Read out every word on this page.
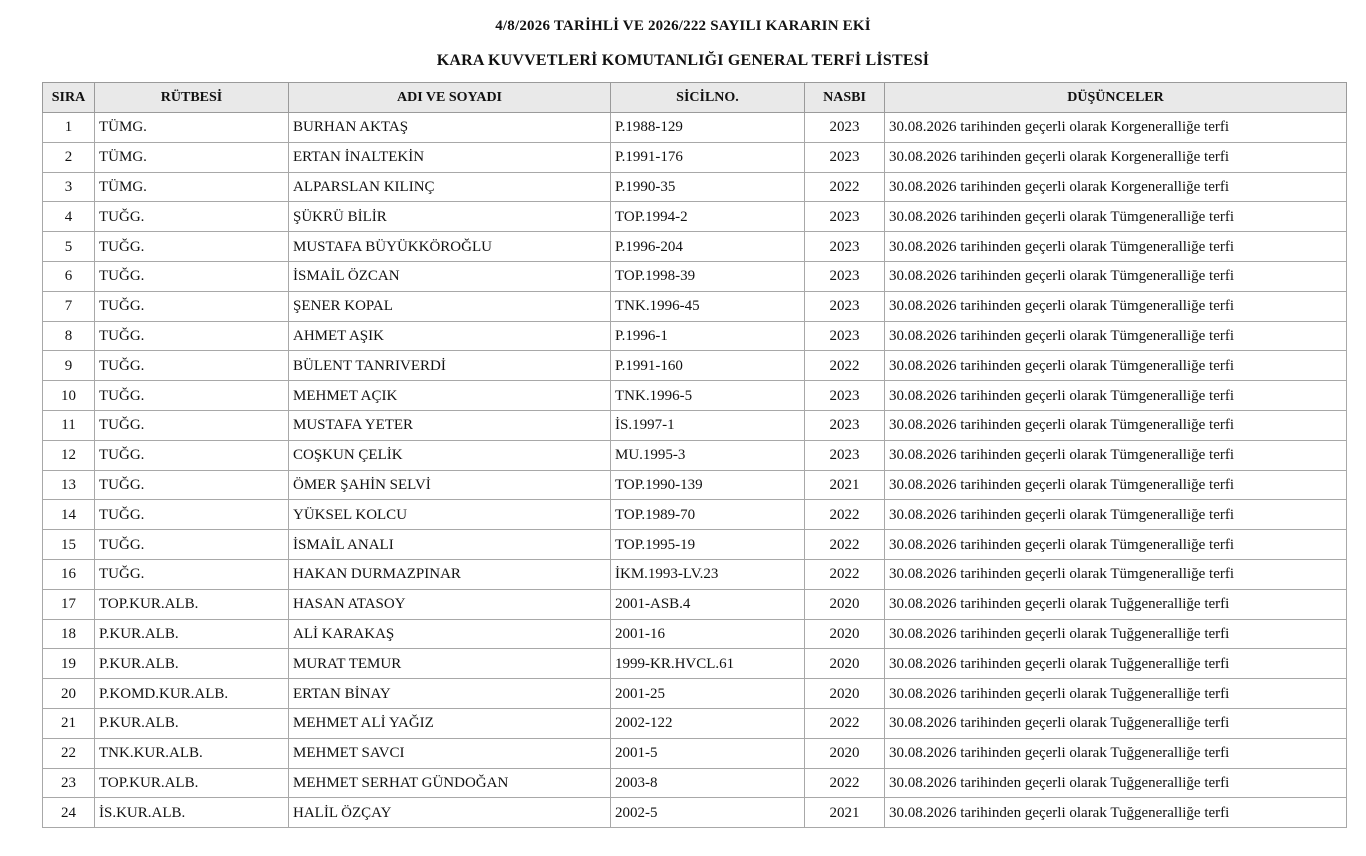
4/8/2026 TARİHLİ VE 2026/222 SAYILI KARARIN EKİ
KARA KUVVETLERİ KOMUTANLIĞI GENERAL TERFİ LİSTESİ
SIRA	RÜTBESİ	ADI VE SOYADI	SİCİLNO.	NASBI	DÜŞÜNCELER
1	TÜMG.	BURHAN AKTAŞ	P.1988-129	2023	30.08.2026 tarihinden geçerli olarak Korgeneralliğe terfi
2	TÜMG.	ERTAN İNALTEKİN	P.1991-176	2023	30.08.2026 tarihinden geçerli olarak Korgeneralliğe terfi
3	TÜMG.	ALPARSLAN KILINÇ	P.1990-35	2022	30.08.2026 tarihinden geçerli olarak Korgeneralliğe terfi
4	TUĞG.	ŞÜKRÜ BİLİR	TOP.1994-2	2023	30.08.2026 tarihinden geçerli olarak Tümgeneralliğe terfi
5	TUĞG.	MUSTAFA BÜYÜKKÖROĞLU	P.1996-204	2023	30.08.2026 tarihinden geçerli olarak Tümgeneralliğe terfi
6	TUĞG.	İSMAİL ÖZCAN	TOP.1998-39	2023	30.08.2026 tarihinden geçerli olarak Tümgeneralliğe terfi
7	TUĞG.	ŞENER KOPAL	TNK.1996-45	2023	30.08.2026 tarihinden geçerli olarak Tümgeneralliğe terfi
8	TUĞG.	AHMET AŞIK	P.1996-1	2023	30.08.2026 tarihinden geçerli olarak Tümgeneralliğe terfi
9	TUĞG.	BÜLENT TANRIVERDİ	P.1991-160	2022	30.08.2026 tarihinden geçerli olarak Tümgeneralliğe terfi
10	TUĞG.	MEHMET AÇIK	TNK.1996-5	2023	30.08.2026 tarihinden geçerli olarak Tümgeneralliğe terfi
11	TUĞG.	MUSTAFA YETER	İS.1997-1	2023	30.08.2026 tarihinden geçerli olarak Tümgeneralliğe terfi
12	TUĞG.	COŞKUN ÇELİK	MU.1995-3	2023	30.08.2026 tarihinden geçerli olarak Tümgeneralliğe terfi
13	TUĞG.	ÖMER ŞAHİN SELVİ	TOP.1990-139	2021	30.08.2026 tarihinden geçerli olarak Tümgeneralliğe terfi
14	TUĞG.	YÜKSEL KOLCU	TOP.1989-70	2022	30.08.2026 tarihinden geçerli olarak Tümgeneralliğe terfi
15	TUĞG.	İSMAİL ANALI	TOP.1995-19	2022	30.08.2026 tarihinden geçerli olarak Tümgeneralliğe terfi
16	TUĞG.	HAKAN DURMAZPINAR	İKM.1993-LV.23	2022	30.08.2026 tarihinden geçerli olarak Tümgeneralliğe terfi
17	TOP.KUR.ALB.	HASAN ATASOY	2001-ASB.4	2020	30.08.2026 tarihinden geçerli olarak Tuğgeneralliğe terfi
18	P.KUR.ALB.	ALİ KARAKAŞ	2001-16	2020	30.08.2026 tarihinden geçerli olarak Tuğgeneralliğe terfi
19	P.KUR.ALB.	MURAT TEMUR	1999-KR.HVCL.61	2020	30.08.2026 tarihinden geçerli olarak Tuğgeneralliğe terfi
20	P.KOMD.KUR.ALB.	ERTAN BİNAY	2001-25	2020	30.08.2026 tarihinden geçerli olarak Tuğgeneralliğe terfi
21	P.KUR.ALB.	MEHMET ALİ YAĞIZ	2002-122	2022	30.08.2026 tarihinden geçerli olarak Tuğgeneralliğe terfi
22	TNK.KUR.ALB.	MEHMET SAVCI	2001-5	2020	30.08.2026 tarihinden geçerli olarak Tuğgeneralliğe terfi
23	TOP.KUR.ALB.	MEHMET SERHAT GÜNDOĞAN	2003-8	2022	30.08.2026 tarihinden geçerli olarak Tuğgeneralliğe terfi
24	İS.KUR.ALB.	HALİL ÖZÇAY	2002-5	2021	30.08.2026 tarihinden geçerli olarak Tuğgeneralliğe terfi
